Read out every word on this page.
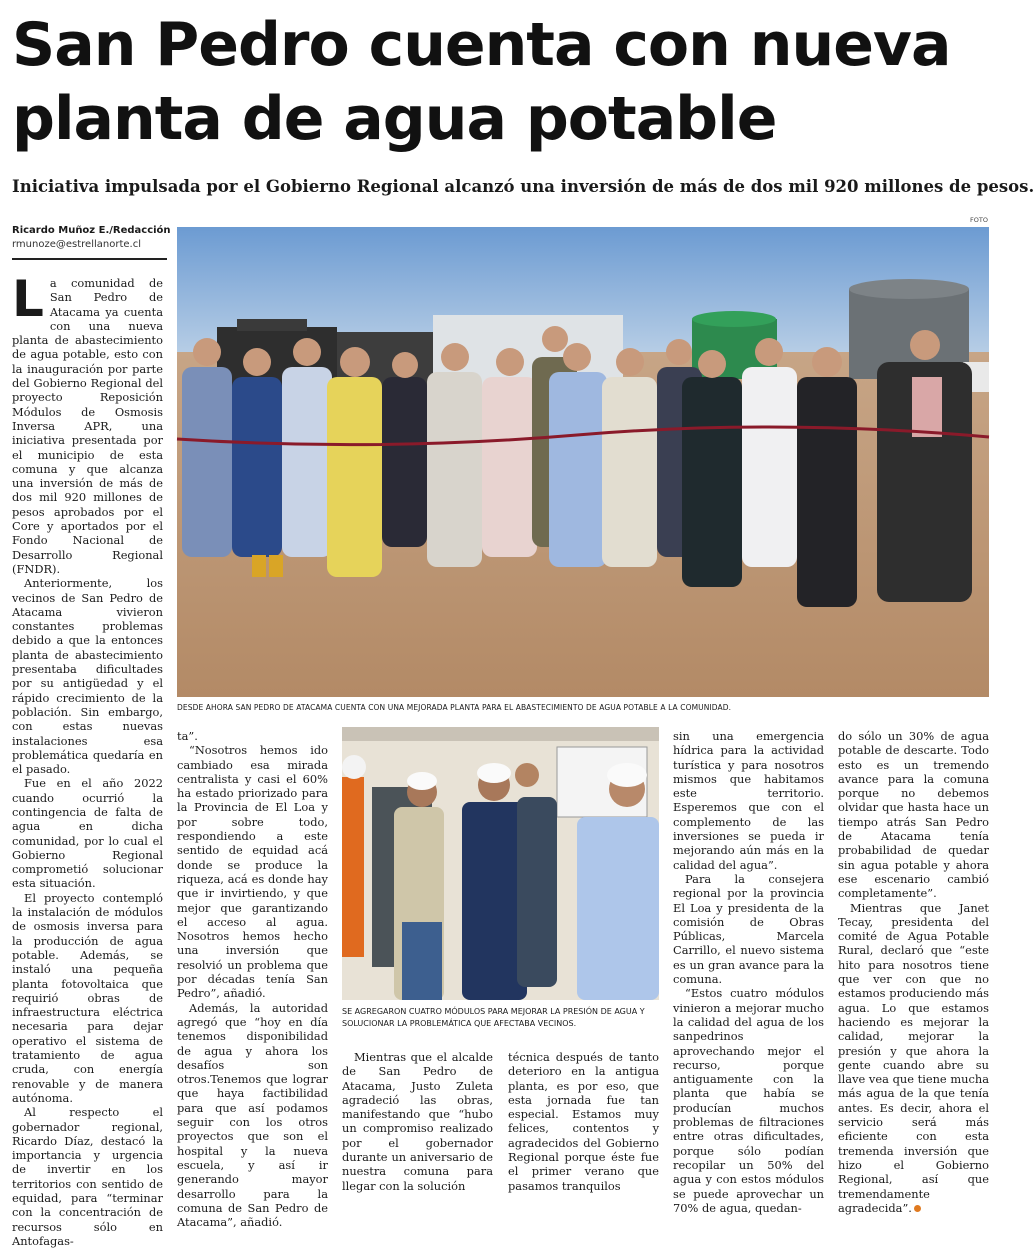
San Pedro cuenta con nueva
planta de agua potable

Iniciativa impulsada por el Gobierno Regional alcanzó una inversión de más de dos mil 920 millones de pesos.

Ricardo Muñoz E./Redacción
rmunoze@estrellanorte.cl
FOTO
DESDE AHORA SAN PEDRO DE ATACAMA CUENTA CON UNA MEJORADA PLANTA PARA EL ABASTECIMIENTO DE AGUA POTABLE A LA COMUNIDAD.
SE AGREGARON CUATRO MÓDULOS PARA MEJORAR LA PRESIÓN DE AGUA Y SOLUCIONAR LA PROBLEMÁTICA QUE AFECTABA VECINOS.

La comunidad de San Pedro de Atacama ya cuenta con una nueva planta de abastecimiento de agua potable, esto con la inauguración por parte del Gobierno Regional del proyecto Reposición Módulos de Osmosis Inversa APR, una iniciativa presentada por el municipio de esta comuna y que alcanza una inversión de más de dos mil 920 millones de pesos aprobados por el Core y aportados por el Fondo Nacional de Desarrollo Regional (FNDR).

Anteriormente, los vecinos de San Pedro de Atacama vivieron constantes problemas debido a que la entonces planta de abastecimiento presentaba dificultades por su antigüedad y el rápido crecimiento de la población. Sin embargo, con estas nuevas instalaciones esa problemática quedaría en el pasado.

Fue en el año 2022 cuando ocurrió la contingencia de falta de agua en dicha comunidad, por lo cual el Gobierno Regional comprometió solucionar esta situación.

El proyecto contempló la instalación de módulos de osmosis inversa para la producción de agua potable. Además, se instaló una pequeña planta fotovoltaica que requirió obras de infraestructura eléctrica necesaria para dejar operativo el sistema de tratamiento de agua cruda, con energía renovable y de manera autónoma.

Al respecto el gobernador regional, Ricardo Díaz, destacó la importancia y urgencia de invertir en los territorios con sentido de equidad, para “terminar con la concentración de recursos sólo en Antofagas-

ta”.

“Nosotros hemos ido cambiado esa mirada centralista y casi el 60% ha estado priorizado para la Provincia de El Loa y por sobre todo, respondiendo a este sentido de equidad acá donde se produce la riqueza, acá es donde hay que ir invirtiendo, y que mejor que garantizando el acceso al agua. Nosotros hemos hecho una inversión que resolvió un problema que por décadas tenía San Pedro”, añadió.

Además, la autoridad agregó que “hoy en día tenemos disponibilidad de agua y ahora los desafíos son otros.Tenemos que lograr que haya factibilidad para que así podamos seguir con los otros proyectos que son el hospital y la nueva escuela, y así ir generando mayor desarrollo para la comuna de San Pedro de Atacama”, añadió.

Mientras que el alcalde de San Pedro de Atacama, Justo Zuleta agradeció las obras, manifestando que “hubo un compromiso realizado por el gobernador durante un aniversario de nuestra comuna para llegar con la solución

técnica después de tanto deterioro en la antigua planta, es por eso, que esta jornada fue tan especial. Estamos muy felices, contentos y agradecidos del Gobierno Regional porque éste fue el primer verano que pasamos tranquilos

sin una emergencia hídrica para la actividad turística y para nosotros mismos que habitamos este territorio. Esperemos que con el complemento de las inversiones se pueda ir mejorando aún más en la calidad del agua”.

Para la consejera regional por la provincia El Loa y presidenta de la comisión de Obras Públicas, Marcela Carrillo, el nuevo sistema es un gran avance para la comuna.

“Estos cuatro módulos vinieron a mejorar mucho la calidad del agua de los sanpedrinos aprovechando mejor el recurso, porque antiguamente con la planta que había se producían muchos problemas de filtraciones entre otras dificultades, porque sólo podían recopilar un 50% del agua y con estos módulos se puede aprovechar un 70% de agua, quedan-

do sólo un 30% de agua potable de descarte. Todo esto es un tremendo avance para la comuna porque no debemos olvidar que hasta hace un tiempo atrás San Pedro de Atacama tenía probabilidad de quedar sin agua potable y ahora ese escenario cambió completamente”.

Mientras que Janet Tecay, presidenta del comité de Agua Potable Rural, declaró que “este hito para nosotros tiene que ver con que no estamos produciendo más agua. Lo que estamos haciendo es mejorar la calidad, mejorar la presión y que ahora la gente cuando abre su llave vea que tiene mucha más agua de la que tenía antes. Es decir, ahora el servicio será más eficiente con esta tremenda inversión que hizo el Gobierno Regional, así que tremendamente agradecida”.
